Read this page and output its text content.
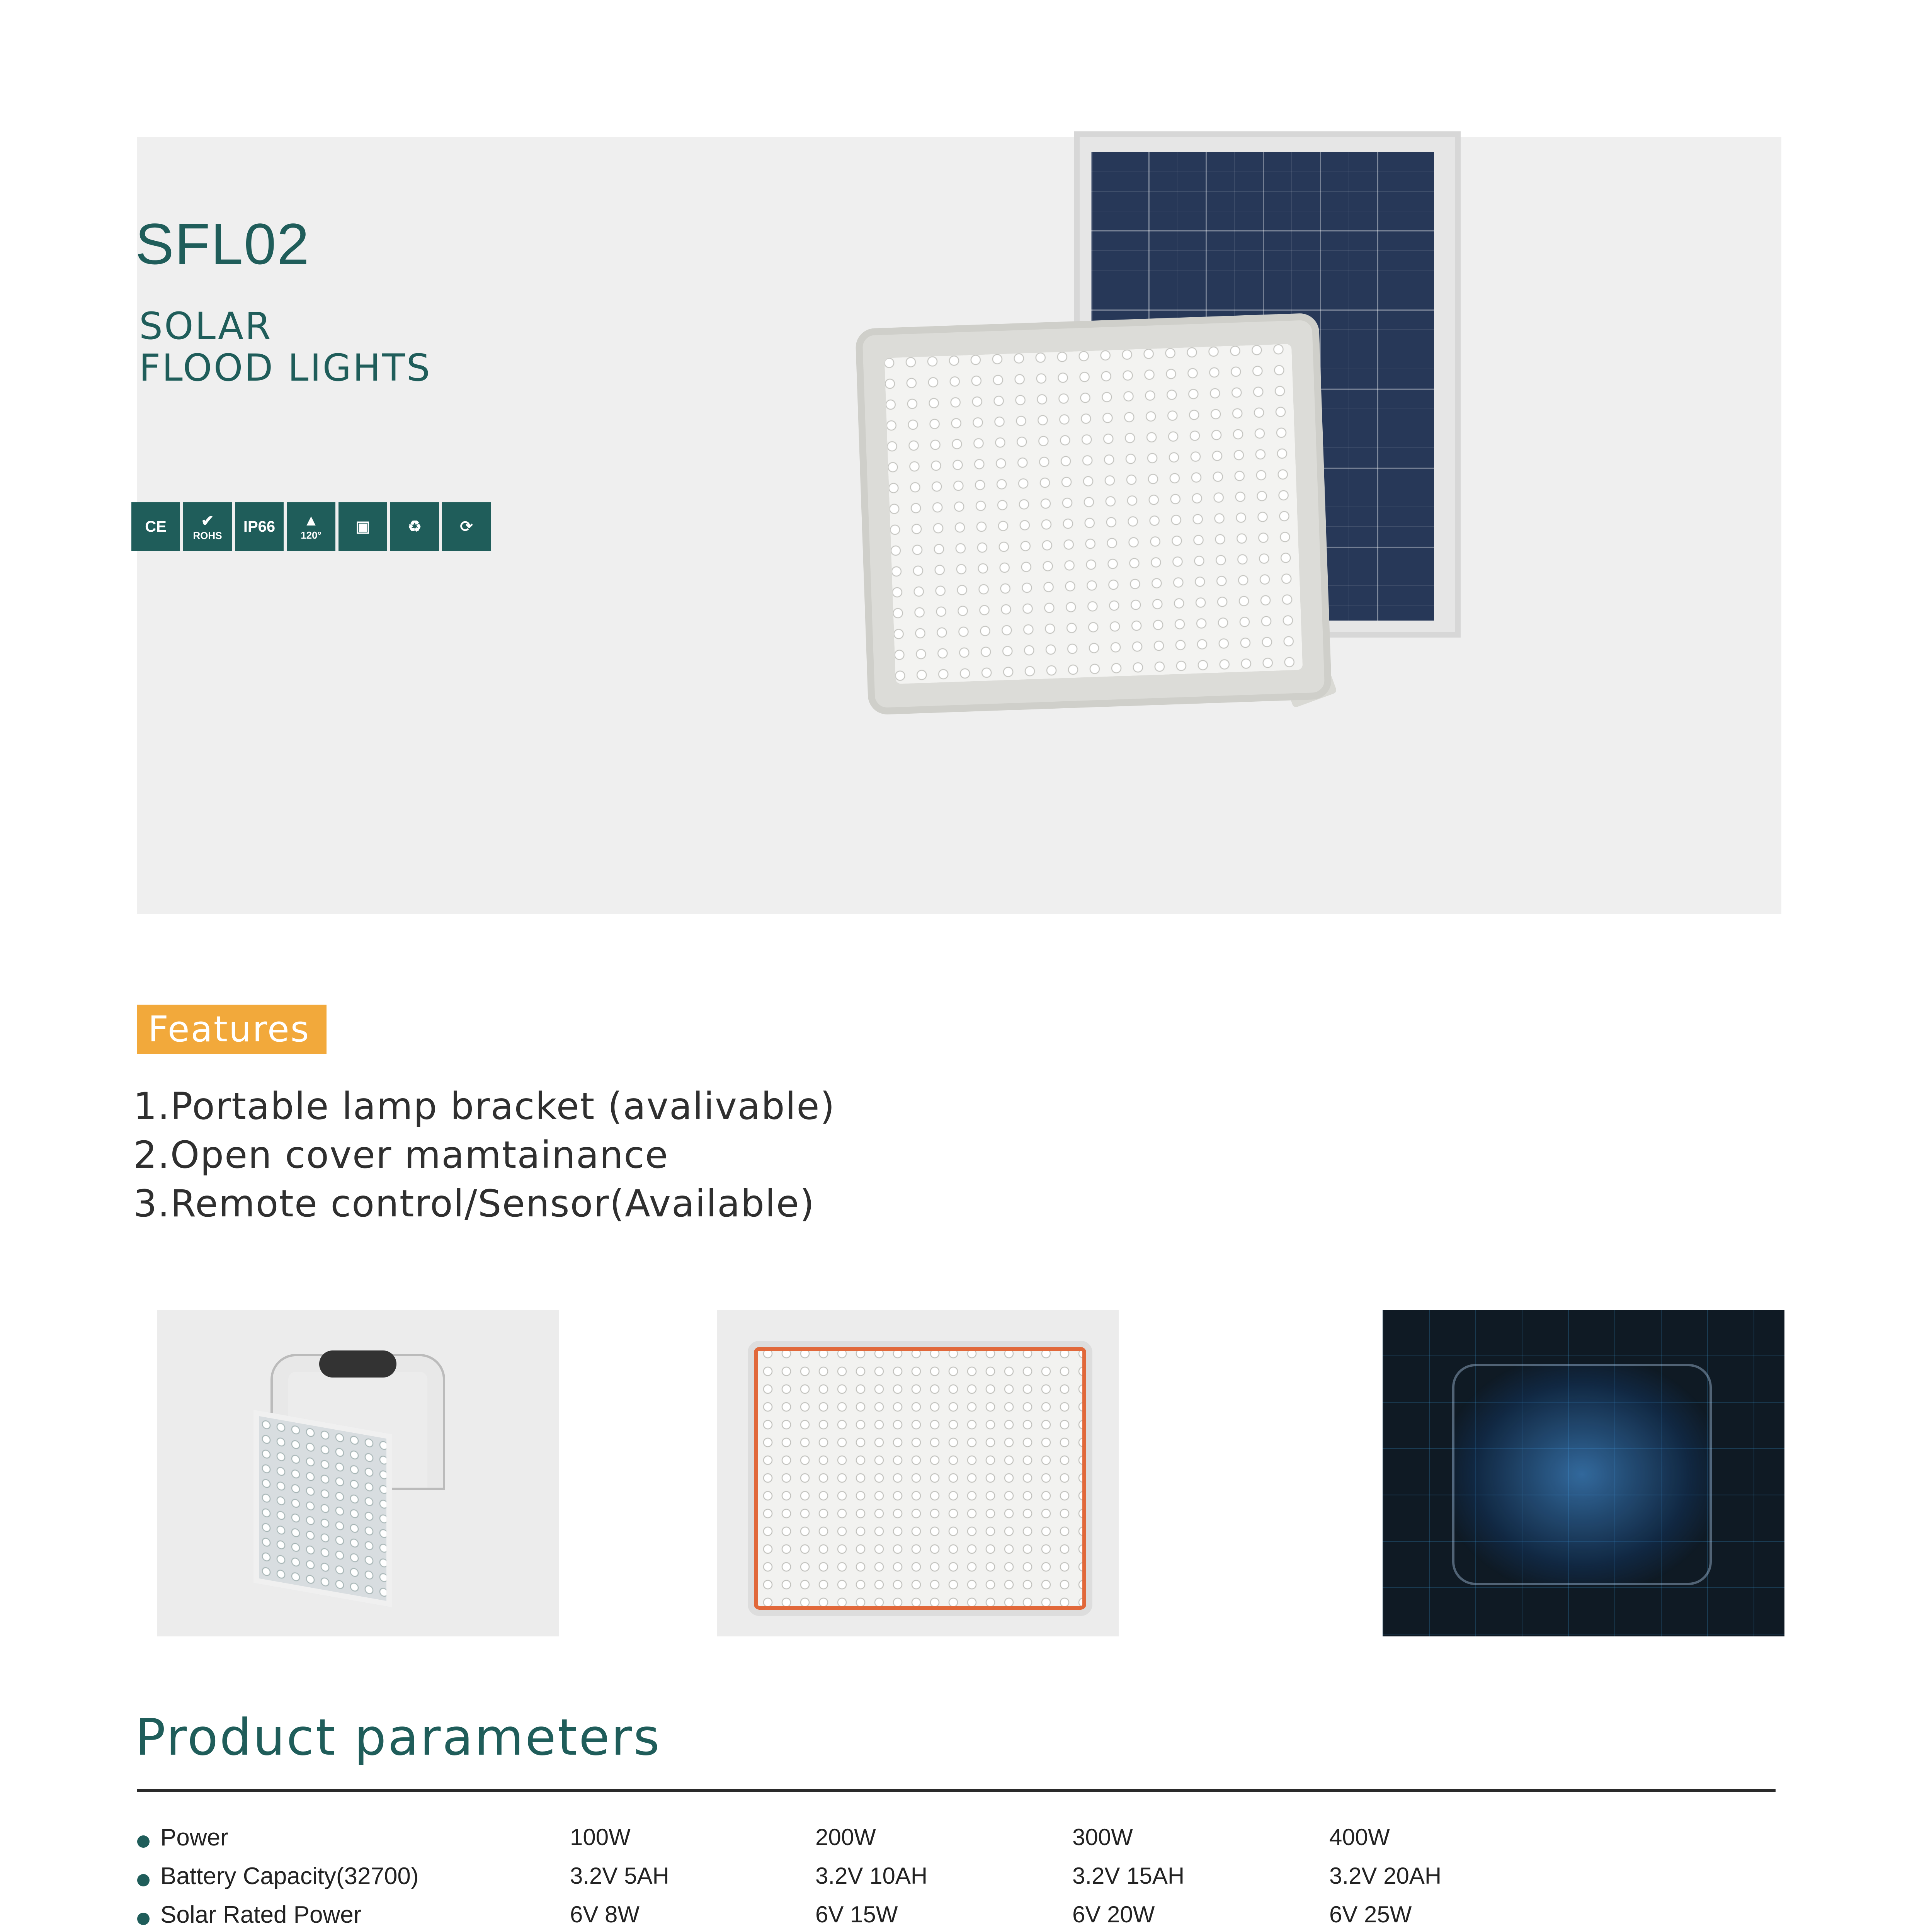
SFL02
SOLAR
FLOOD LIGHTS
CE ✔
ROHS
IP66 ▲
120° ▣ ♻ ⟳
Features
1.Portable lamp bracket (avalivable)
2.Open cover mamtainance
3.Remote control/Sensor(Available)
Product parameters
Power	100W	200W	300W	400W
Battery Capacity(32700)	3.2V 5AH	3.2V 10AH	3.2V 15AH	3.2V 20AH
Solar Rated Power	6V 8W	6V 15W	6V 20W	6V 25W
